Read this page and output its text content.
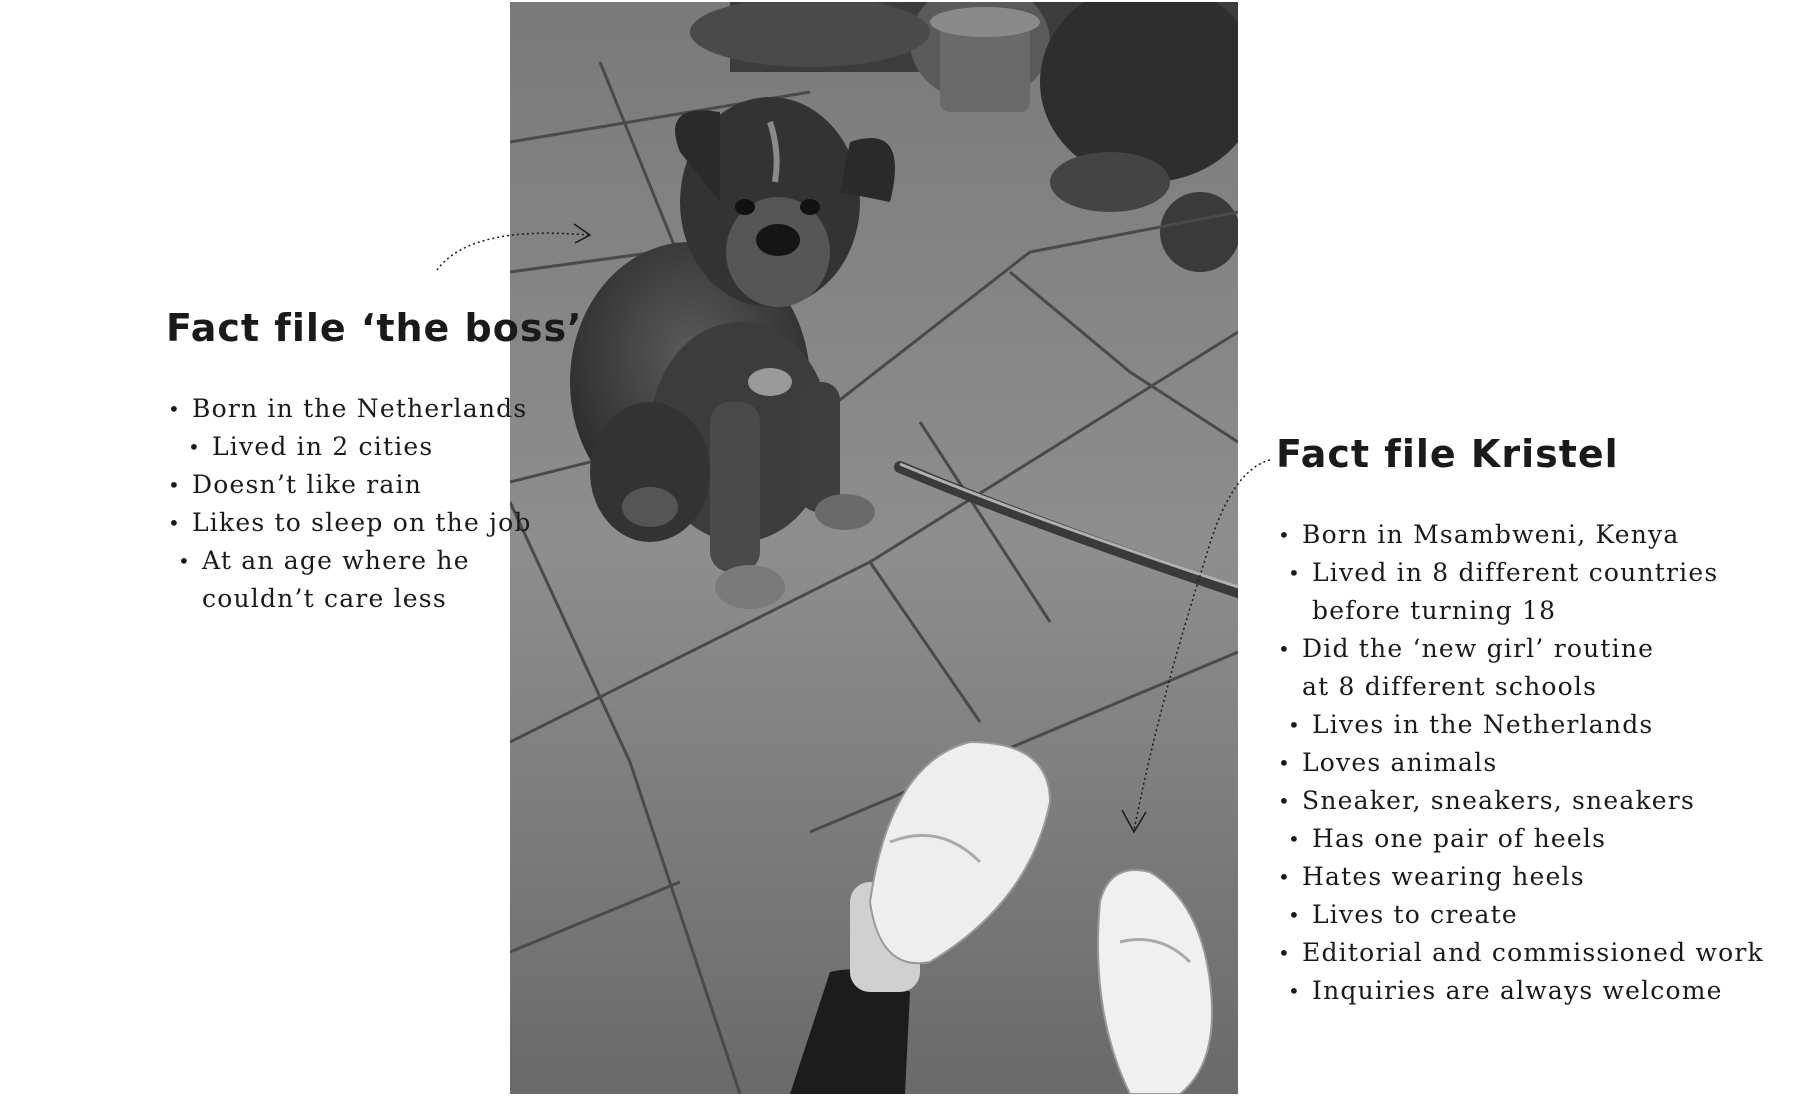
Fact file ‘the boss’
• Born in the Netherlands
• Lived in 2 cities
• Doesn’t like rain
• Likes to sleep on the job
• At an age where he
couldn’t care less
Fact file Kristel
• Born in Msambweni, Kenya
• Lived in 8 different countries
before turning 18
• Did the ‘new girl’ routine
at 8 different schools
• Lives in the Netherlands
• Loves animals
• Sneaker, sneakers, sneakers
• Has one pair of heels
• Hates wearing heels
• Lives to create
• Editorial and commissioned work
• Inquiries are always welcome
